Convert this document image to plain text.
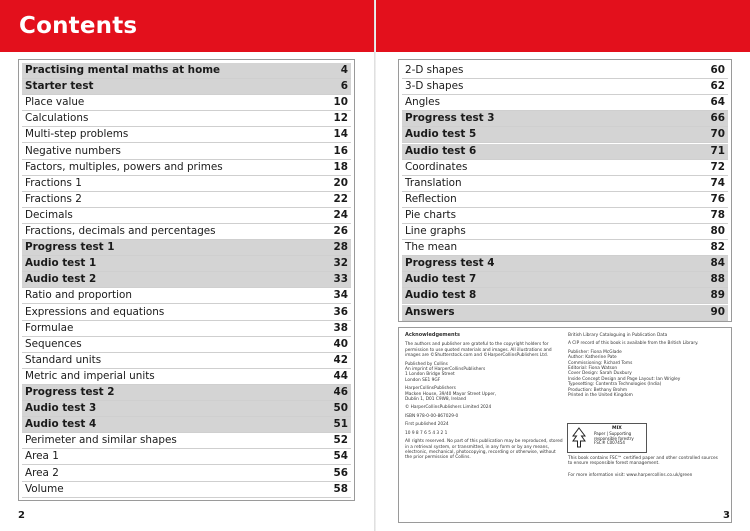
Contents
Practising mental maths at home	4
Starter test	6
Place value	10
Calculations	12
Multi-step problems	14
Negative numbers	16
Factors, multiples, powers and primes	18
Fractions 1	20
Fractions 2	22
Decimals	24
Fractions, decimals and percentages	26
Progress test 1	28
Audio test 1	32
Audio test 2	33
Ratio and proportion	34
Expressions and equations	36
Formulae	38
Sequences	40
Standard units	42
Metric and imperial units	44
Progress test 2	46
Audio test 3	50
Audio test 4	51
Perimeter and similar shapes	52
Area 1	54
Area 2	56
Volume	58
2-D shapes	60
3-D shapes	62
Angles	64
Progress test 3	66
Audio test 5	70
Audio test 6	71
Coordinates	72
Translation	74
Reflection	76
Pie charts	78
Line graphs	80
The mean	82
Progress test 4	84
Audio test 7	88
Audio test 8	89
Answers	90
Acknowledgements

The authors and publisher are grateful to the copyright holders for permission to use quoted materials and images. All illustrations and images are ©Shutterstock.com and ©HarperCollinsPublishers Ltd.

Published by Collins
An imprint of HarperCollinsPublishers
1 London Bridge Street
London SE1 9GF

HarperCollinsPublishers
Macken House, 39/40 Mayor Street Upper,
Dublin 1, D01 C9W8, Ireland

© HarperCollinsPublishers Limited 2024

ISBN 978-0-00-867029-0

First published 2024

10 9 8 7 6 5 4 3 2 1

All rights reserved. No part of this publication may be reproduced, stored in a retrieval system, or transmitted, in any form or by any means, electronic, mechanical, photocopying, recording or otherwise, without the prior permission of Collins.

British Library Cataloguing in Publication Data

A CIP record of this book is available from the British Library.

Publisher: Fiona McGlade
Author: Katherine Pate
Commissioning: Richard Toms
Editorial: Fiona Watson
Cover Design: Sarah Duxbury
Inside Concept Design and Page Layout: Ian Wrigley
Typesetting: Contentra Technologies (India)
Production: Bethany Brohm
Printed in the United Kingdom

This book contains FSC™ certified paper and other controlled sources to ensure responsible forest management.
For more information visit: www.harpercollins.co.uk/green
MIX
Paper | Supporting responsible forestry
FSC® C007454
2	3
